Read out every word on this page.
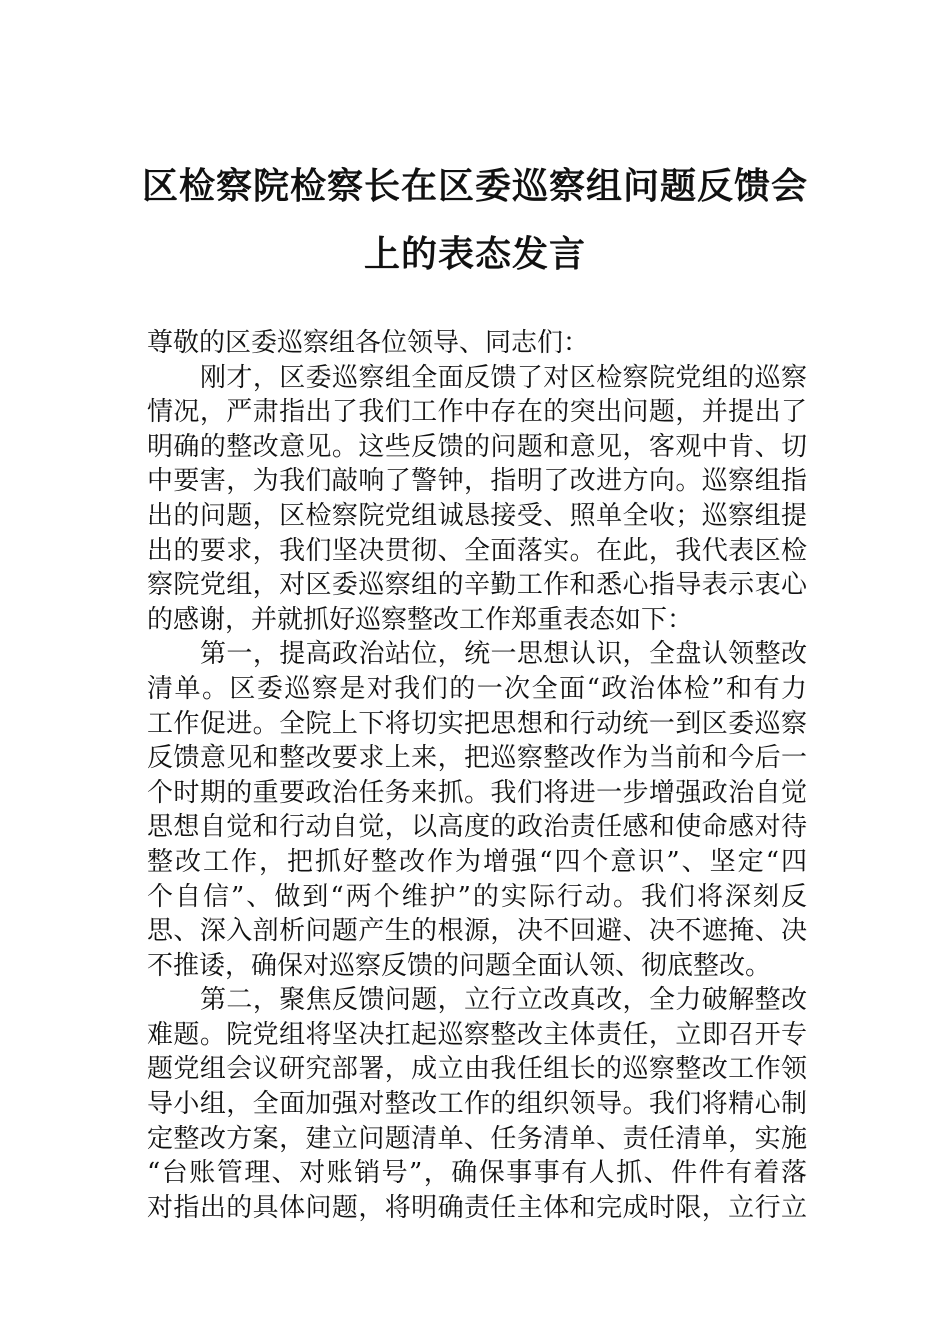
区检察院检察长在区委巡察组问题反馈会
上的表态发言
尊敬的区委巡察组各位领导、同志们：
刚才，区委巡察组全面反馈了对区检察院党组的巡察
情况，严肃指出了我们工作中存在的突出问题，并提出了
明确的整改意见。这些反馈的问题和意见，客观中肯、切
中要害，为我们敲响了警钟，指明了改进方向。巡察组指
出的问题，区检察院党组诚恳接受、照单全收；巡察组提
出的要求，我们坚决贯彻、全面落实。在此，我代表区检
察院党组，对区委巡察组的辛勤工作和悉心指导表示衷心
的感谢，并就抓好巡察整改工作郑重表态如下：
第一，提高政治站位，统一思想认识，全盘认领整改
清单。区委巡察是对我们的一次全面“政治体检”和有力
工作促进。全院上下将切实把思想和行动统一到区委巡察
反馈意见和整改要求上来，把巡察整改作为当前和今后一
个时期的重要政治任务来抓。我们将进一步增强政治自觉
思想自觉和行动自觉，以高度的政治责任感和使命感对待
整改工作，把抓好整改作为增强“四个意识”、坚定“四
个自信”、做到“两个维护”的实际行动。我们将深刻反
思、深入剖析问题产生的根源，决不回避、决不遮掩、决
不推诿，确保对巡察反馈的问题全面认领、彻底整改。
第二，聚焦反馈问题，立行立改真改，全力破解整改
难题。院党组将坚决扛起巡察整改主体责任，立即召开专
题党组会议研究部署，成立由我任组长的巡察整改工作领
导小组，全面加强对整改工作的组织领导。我们将精心制
定整改方案，建立问题清单、任务清单、责任清单，实施
“台账管理、对账销号”，确保事事有人抓、件件有着落
对指出的具体问题，将明确责任主体和完成时限，立行立
